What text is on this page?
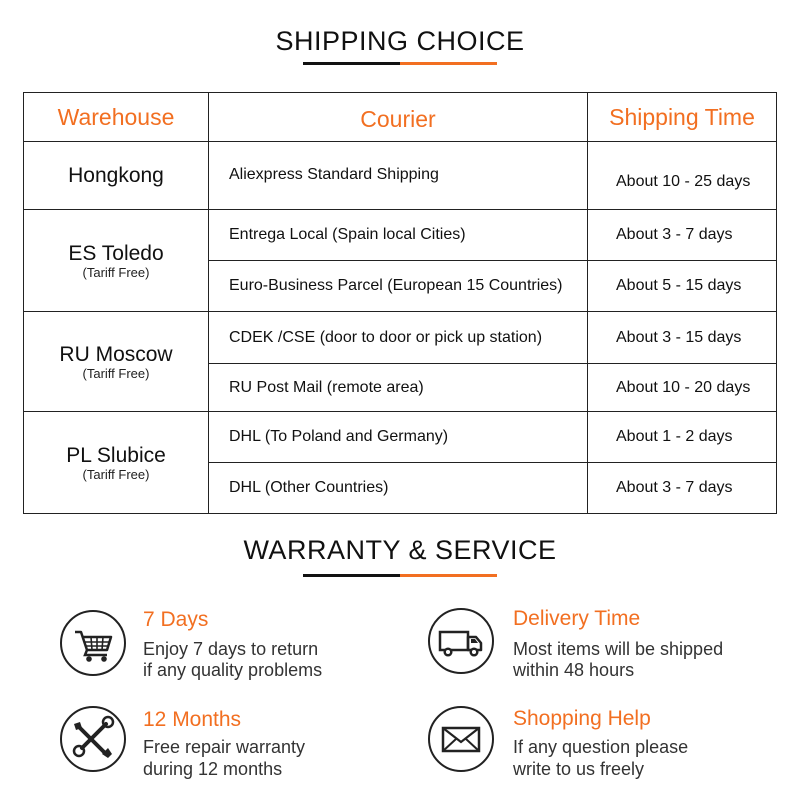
SHIPPING CHOICE
Warehouse	Courier	Shipping Time

Hongkong	Aliexpress Standard Shipping	About 10 - 25 days

ES Toledo
(Tariff Free)	Entrega Local (Spain local Cities)	About 3 - 7 days
	Euro-Business Parcel (European 15 Countries)	About 5 - 15 days

RU Moscow
(Tariff Free)	CDEK /CSE (door to door or pick up station)	About 3 - 15 days
	RU Post Mail (remote area)	About 10 - 20 days

PL Slubice
(Tariff Free)	DHL (To Poland and Germany)	About 1 - 2 days
	DHL (Other Countries)	About 3 - 7 days
WARRANTY & SERVICE
7 Days
Enjoy 7 days to return
if any quality problems
Delivery Time
Most items will be shipped
within 48 hours
12 Months
Free repair warranty
during 12 months
Shopping Help
If any question please
write to us freely
